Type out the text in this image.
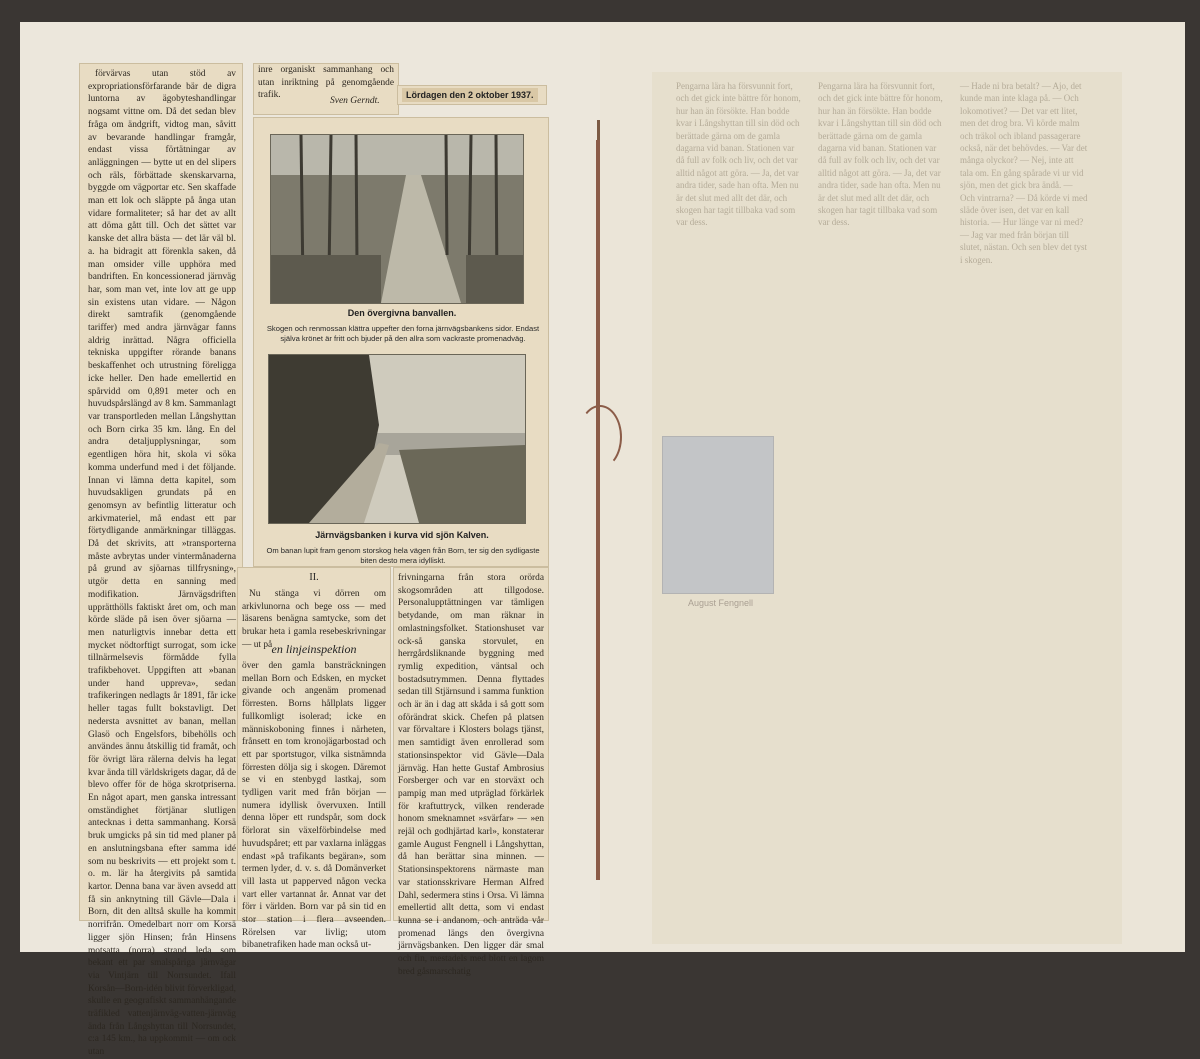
förvärvas utan stöd av expropriationsförfarande bär de digra luntorna av ägobyteshandlingar nogsamt vittne om. Då det sedan blev fråga om ändgrift, vidtog man, såvitt av bevarande handlingar framgår, endast vissa förtätningar av anläggningen — bytte ut en del slipers och räls, förbättade skenskarvarna, byggde om vägportar etc. Sen skaffade man ett lok och släppte på ånga utan vidare formaliteter; så har det av allt att döma gått till. Och det sättet var kanske det allra bästa — det lär väl bl. a. ha bidragit att förenkla saken, då man omsider ville upphöra med bandriften. En koncessionerad järnväg har, som man vet, inte lov att ge upp sin existens utan vidare. — Någon direkt samtrafik (genomgående tariffer) med andra järnvägar fanns aldrig inrättad. Några officiella tekniska uppgifter rörande banans beskaffenhet och utrustning föreligga icke heller. Den hade emellertid en spårvidd om 0,891 meter och en huvudspårslängd av 8 km. Sammanlagt var transportleden mellan Långshyttan och Born cirka 35 km. lång. En del andra detaljupplysningar, som egentligen höra hit, skola vi söka komma underfund med i det följande. Innan vi lämna detta kapitel, som huvudsakligen grundats på en genomsyn av befintlig litteratur och arkivmateriel, må endast ett par förtydligande anmärkningar tilläggas. Då det skrivits, att »transporterna måste avbrytas under vintermånaderna på grund av sjöarnas tillfrysning», utgör detta en sanning med modifikation. Järnvägsdriften upprätthölls faktiskt året om, och man körde släde på isen över sjöarna — men naturligtvis innebar detta ett mycket nödtorftigt surrogat, som icke tillnärmelsevis förmådde fylla trafikbehovet. Uppgiften att »banan under hand uppreva», sedan trafikeringen nedlagts år 1891, får icke heller tagas fullt bokstavligt. Det nedersta avsnittet av banan, mellan Glasö och Engelsfors, bibehölls och användes ännu åtskillig tid framåt, och för övrigt lära rälerna delvis ha legat kvar ända till världskrigets dagar, då de blevo offer för de höga skrotpriserna. En något apart, men ganska intressant omständighet förtjänar slutligen antecknas i detta sammanhang. Korsä bruk umgicks på sin tid med planer på en anslutningsbana efter samma idé som nu beskrivits — ett projekt som t. o. m. lär ha återgivits på samtida kartor. Denna bana var även avsedd att få sin anknytning till Gävle—Dala i Born, dit den alltså skulle ha kommit norrifrån. Omedelbart norr om Korsä ligger sjön Hinsen; från Hinsens motsatta (norra) strand leda som bekant ett par smalspåriga järnvägar via Vintjärn till Norrsundet. Ifall Korsån—Born-idén blivit förverkligad, skulle en geografiskt sammanhängande träfikled vattenjärnväg-vatten-järnväg ända från Långshyttan till Norrsundet, c:a 145 km., ha uppkommit — om ock utan

inre organiskt sammanhang och utan inriktning på genomgående trafik.

Sven Gerndt.
Lördagen den 2 oktober 1937.
Den övergivna banvallen.
Skogen och renmossan klättra uppefter den forna järnvägsbankens sidor. Endast själva krönet är fritt och bjuder på den allra som vackraste promenadväg.
Järnvägsbanken i kurva vid sjön Kalven.
Om banan lupit fram genom storskog hela vägen från Born, ter sig den sydligaste biten desto mera idylliskt.
II.

Nu stänga vi dörren om arkivlunorna och bege oss — med läsarens benägna samtycke, som det brukar heta i gamla resebeskrivningar — ut på en linjeinspektion

över den gamla bansträckningen mellan Born och Edsken, en mycket givande och angenäm promenad förresten. Borns hållplats ligger fullkomligt isolerad; icke en människoboning finnes i närheten, frånsett en tom kronojägarbostad och ett par sportstugor, vilka sistnämnda förresten dölja sig i skogen. Däremot se vi en stenbygd lastkaj, som tydligen varit med från början — numera idyllisk övervuxen. Intill denna löper ett rundspår, som dock förlorat sin växelförbindelse med huvudspåret; ett par vaxlarna inläggas endast »på trafikants begäran», som termen lyder, d. v. s. då Domänverket vill lasta ut papperved någon vecka vart eller vartannat år. Annat var det förr i världen. Born var på sin tid en stor station i flera avseenden. Rörelsen var livlig; utom bibanetrafiken hade man också ut-

frivningarna från stora orörda skogsområden att tillgodose. Personalupptättningen var tämligen betydande, om man räknar in omlastningsfolket. Stationshuset var ock-så ganska storvulet, en herrgårdsliknande byggning med rymlig expedition, väntsal och bostadsutrymmen. Denna flyttades sedan till Stjärnsund i samma funktion och är än i dag att skåda i så gott som oförändrat skick. Chefen på platsen var förvaltare i Klosters bolags tjänst, men samtidigt även enrollerad som stationsinspektor vid Gävle—Dala järnväg. Han hette Gustaf Ambrosius Forsberger och var en storväxt och pampig man med utpräglad förkärlek för kraftuttryck, vilken renderade honom smeknamnet »svärfar» — »en rejäl och godhjärtad karl», konstaterar gamle August Fengnell i Långshyttan, då han berättar sina minnen. — Stationsinspektorens närmaste man var stationsskrivare Herman Alfred Dahl, sedermera stins i Orsa. Vi lämna emellertid allt detta, som vi endast kunna se i andanom, och anträda vår promenad längs den övergivna järnvägsbanken. Den ligger där smal och fin, mestadels med blott en lagom bred gåsmarschatig

Pengarna lära ha försvunnit fort, och det gick inte bättre för honom, hur han än försökte. Han bodde kvar i Långshyttan till sin död och berättade gärna om de gamla dagarna vid banan. Stationen var då full av folk och liv, och det var alltid något att göra. — Ja, det var andra tider, sade han ofta. Men nu är det slut med allt det där, och skogen har tagit tillbaka vad som var dess.

Pengarna lära ha försvunnit fort, och det gick inte bättre för honom, hur han än försökte. Han bodde kvar i Långshyttan till sin död och berättade gärna om de gamla dagarna vid banan. Stationen var då full av folk och liv, och det var alltid något att göra. — Ja, det var andra tider, sade han ofta. Men nu är det slut med allt det där, och skogen har tagit tillbaka vad som var dess.

— Hade ni bra betalt? — Ajo, det kunde man inte klaga på. — Och lokomotivet? — Det var ett litet, men det drog bra. Vi körde malm och träkol och ibland passagerare också, när det behövdes. — Var det många olyckor? — Nej, inte att tala om. En gång spårade vi ur vid sjön, men det gick bra ändå. — Och vintrarna? — Då körde vi med släde över isen, det var en kall historia. — Hur länge var ni med? — Jag var med från början till slutet, nästan. Och sen blev det tyst i skogen.

August Fengnell
